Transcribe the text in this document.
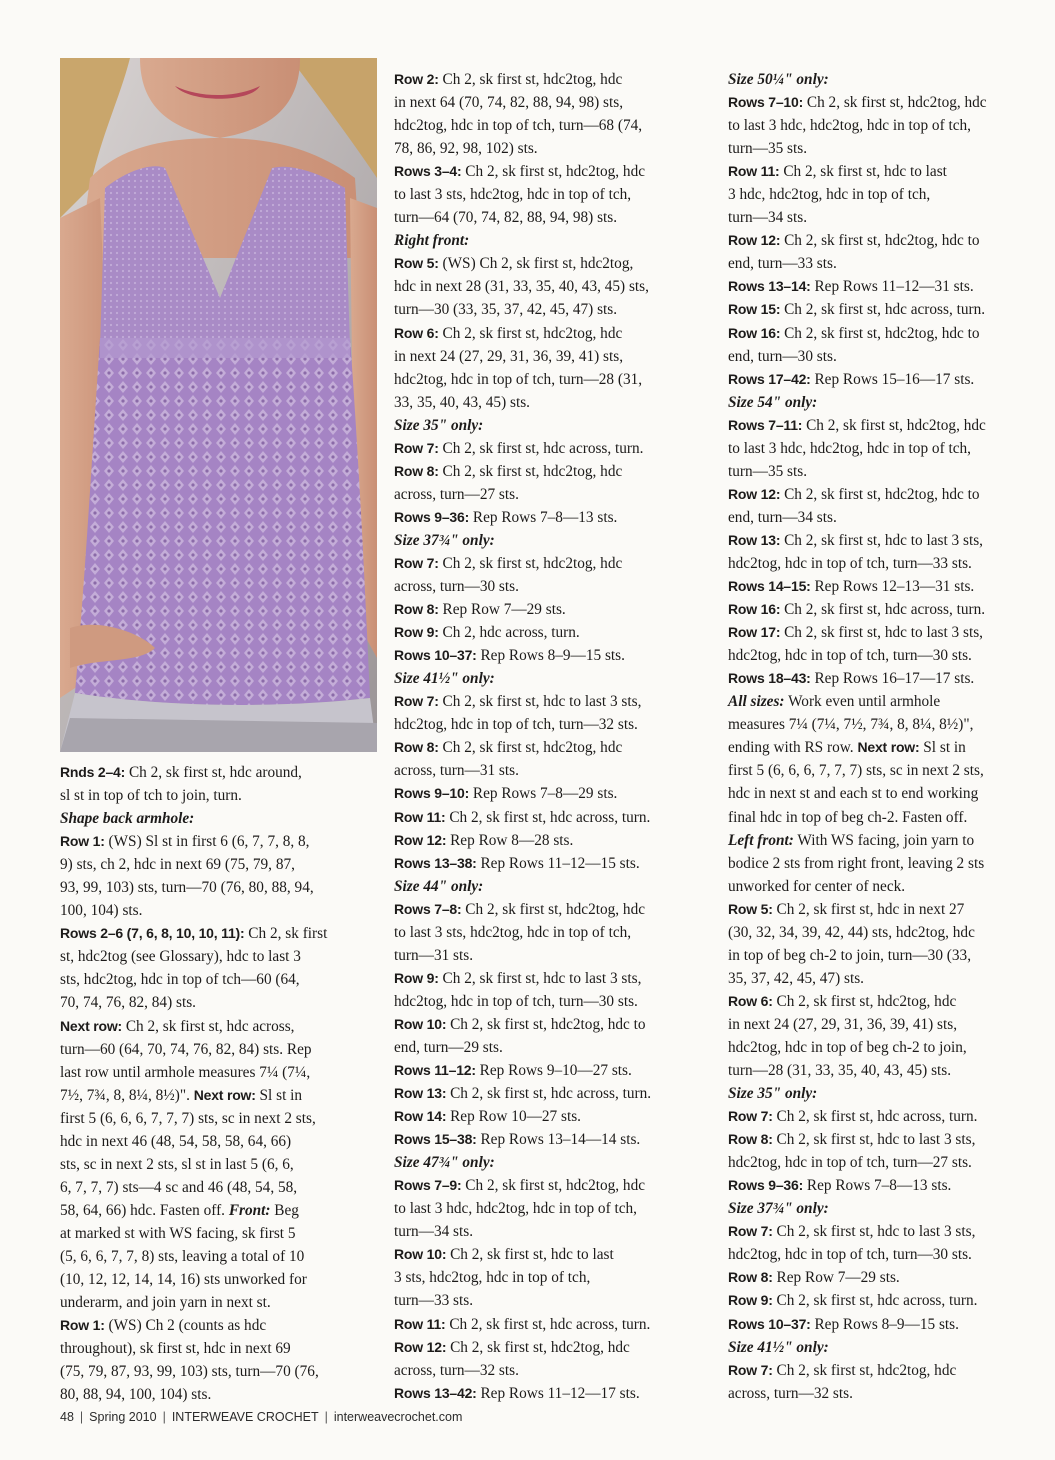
Rnds 2–4: Ch 2, sk first st, hdc around,

sl st in top of tch to join, turn.

Shape back armhole:

Row 1: (WS) Sl st in first 6 (6, 7, 7, 8, 8,

9) sts, ch 2, hdc in next 69 (75, 79, 87,

93, 99, 103) sts, turn—70 (76, 80, 88, 94,

100, 104) sts.

Rows 2–6 (7, 6, 8, 10, 10, 11): Ch 2, sk first

st, hdc2tog (see Glossary), hdc to last 3

sts, hdc2tog, hdc in top of tch—60 (64,

70, 74, 76, 82, 84) sts.

Next row: Ch 2, sk first st, hdc across,

turn—60 (64, 70, 74, 76, 82, 84) sts. Rep

last row until armhole measures 7¼ (7¼,

7½, 7¾, 8, 8¼, 8½)". Next row: Sl st in

first 5 (6, 6, 6, 7, 7, 7) sts, sc in next 2 sts,

hdc in next 46 (48, 54, 58, 58, 64, 66)

sts, sc in next 2 sts, sl st in last 5 (6, 6,

6, 7, 7, 7) sts—4 sc and 46 (48, 54, 58,

58, 64, 66) hdc. Fasten off. Front: Beg

at marked st with WS facing, sk first 5

(5, 6, 6, 7, 7, 8) sts, leaving a total of 10

(10, 12, 12, 14, 14, 16) sts unworked for

underarm, and join yarn in next st.

Row 1: (WS) Ch 2 (counts as hdc

throughout), sk first st, hdc in next 69

(75, 79, 87, 93, 99, 103) sts, turn—70 (76,

80, 88, 94, 100, 104) sts.

Row 2: Ch 2, sk first st, hdc2tog, hdc

in next 64 (70, 74, 82, 88, 94, 98) sts,

hdc2tog, hdc in top of tch, turn—68 (74,

78, 86, 92, 98, 102) sts.

Rows 3–4: Ch 2, sk first st, hdc2tog, hdc

to last 3 sts, hdc2tog, hdc in top of tch,

turn—64 (70, 74, 82, 88, 94, 98) sts.

Right front:

Row 5: (WS) Ch 2, sk first st, hdc2tog,

hdc in next 28 (31, 33, 35, 40, 43, 45) sts,

turn—30 (33, 35, 37, 42, 45, 47) sts.

Row 6: Ch 2, sk first st, hdc2tog, hdc

in next 24 (27, 29, 31, 36, 39, 41) sts,

hdc2tog, hdc in top of tch, turn—28 (31,

33, 35, 40, 43, 45) sts.

Size 35" only:

Row 7: Ch 2, sk first st, hdc across, turn.

Row 8: Ch 2, sk first st, hdc2tog, hdc

across, turn—27 sts.

Rows 9–36: Rep Rows 7–8—13 sts.

Size 37¾" only:

Row 7: Ch 2, sk first st, hdc2tog, hdc

across, turn—30 sts.

Row 8: Rep Row 7—29 sts.

Row 9: Ch 2, hdc across, turn.

Rows 10–37: Rep Rows 8–9—15 sts.

Size 41½" only:

Row 7: Ch 2, sk first st, hdc to last 3 sts,

hdc2tog, hdc in top of tch, turn—32 sts.

Row 8: Ch 2, sk first st, hdc2tog, hdc

across, turn—31 sts.

Rows 9–10: Rep Rows 7–8—29 sts.

Row 11: Ch 2, sk first st, hdc across, turn.

Row 12: Rep Row 8—28 sts.

Rows 13–38: Rep Rows 11–12—15 sts.

Size 44" only:

Rows 7–8: Ch 2, sk first st, hdc2tog, hdc

to last 3 sts, hdc2tog, hdc in top of tch,

turn—31 sts.

Row 9: Ch 2, sk first st, hdc to last 3 sts,

hdc2tog, hdc in top of tch, turn—30 sts.

Row 10: Ch 2, sk first st, hdc2tog, hdc to

end, turn—29 sts.

Rows 11–12: Rep Rows 9–10—27 sts.

Row 13: Ch 2, sk first st, hdc across, turn.

Row 14: Rep Row 10—27 sts.

Rows 15–38: Rep Rows 13–14—14 sts.

Size 47¾" only:

Rows 7–9: Ch 2, sk first st, hdc2tog, hdc

to last 3 hdc, hdc2tog, hdc in top of tch,

turn—34 sts.

Row 10: Ch 2, sk first st, hdc to last

3 sts, hdc2tog, hdc in top of tch,

turn—33 sts.

Row 11: Ch 2, sk first st, hdc across, turn.

Row 12: Ch 2, sk first st, hdc2tog, hdc

across, turn—32 sts.

Rows 13–42: Rep Rows 11–12—17 sts.

Size 50¼" only:

Rows 7–10: Ch 2, sk first st, hdc2tog, hdc

to last 3 hdc, hdc2tog, hdc in top of tch,

turn—35 sts.

Row 11: Ch 2, sk first st, hdc to last

3 hdc, hdc2tog, hdc in top of tch,

turn—34 sts.

Row 12: Ch 2, sk first st, hdc2tog, hdc to

end, turn—33 sts.

Rows 13–14: Rep Rows 11–12—31 sts.

Row 15: Ch 2, sk first st, hdc across, turn.

Row 16: Ch 2, sk first st, hdc2tog, hdc to

end, turn—30 sts.

Rows 17–42: Rep Rows 15–16—17 sts.

Size 54" only:

Rows 7–11: Ch 2, sk first st, hdc2tog, hdc

to last 3 hdc, hdc2tog, hdc in top of tch,

turn—35 sts.

Row 12: Ch 2, sk first st, hdc2tog, hdc to

end, turn—34 sts.

Row 13: Ch 2, sk first st, hdc to last 3 sts,

hdc2tog, hdc in top of tch, turn—33 sts.

Rows 14–15: Rep Rows 12–13—31 sts.

Row 16: Ch 2, sk first st, hdc across, turn.

Row 17: Ch 2, sk first st, hdc to last 3 sts,

hdc2tog, hdc in top of tch, turn—30 sts.

Rows 18–43: Rep Rows 16–17—17 sts.

All sizes: Work even until armhole

measures 7¼ (7¼, 7½, 7¾, 8, 8¼, 8½)",

ending with RS row. Next row: Sl st in

first 5 (6, 6, 6, 7, 7, 7) sts, sc in next 2 sts,

hdc in next st and each st to end working

final hdc in top of beg ch-2. Fasten off.

Left front: With WS facing, join yarn to

bodice 2 sts from right front, leaving 2 sts

unworked for center of neck.

Row 5: Ch 2, sk first st, hdc in next 27

(30, 32, 34, 39, 42, 44) sts, hdc2tog, hdc

in top of beg ch-2 to join, turn—30 (33,

35, 37, 42, 45, 47) sts.

Row 6: Ch 2, sk first st, hdc2tog, hdc

in next 24 (27, 29, 31, 36, 39, 41) sts,

hdc2tog, hdc in top of beg ch-2 to join,

turn—28 (31, 33, 35, 40, 43, 45) sts.

Size 35" only:

Row 7: Ch 2, sk first st, hdc across, turn.

Row 8: Ch 2, sk first st, hdc to last 3 sts,

hdc2tog, hdc in top of tch, turn—27 sts.

Rows 9–36: Rep Rows 7–8—13 sts.

Size 37¾" only:

Row 7: Ch 2, sk first st, hdc to last 3 sts,

hdc2tog, hdc in top of tch, turn—30 sts.

Row 8: Rep Row 7—29 sts.

Row 9: Ch 2, sk first st, hdc across, turn.

Rows 10–37: Rep Rows 8–9—15 sts.

Size 41½" only:

Row 7: Ch 2, sk first st, hdc2tog, hdc

across, turn—32 sts.

48 | Spring 2010 | INTERWEAVE CROCHET | interweavecrochet.com
